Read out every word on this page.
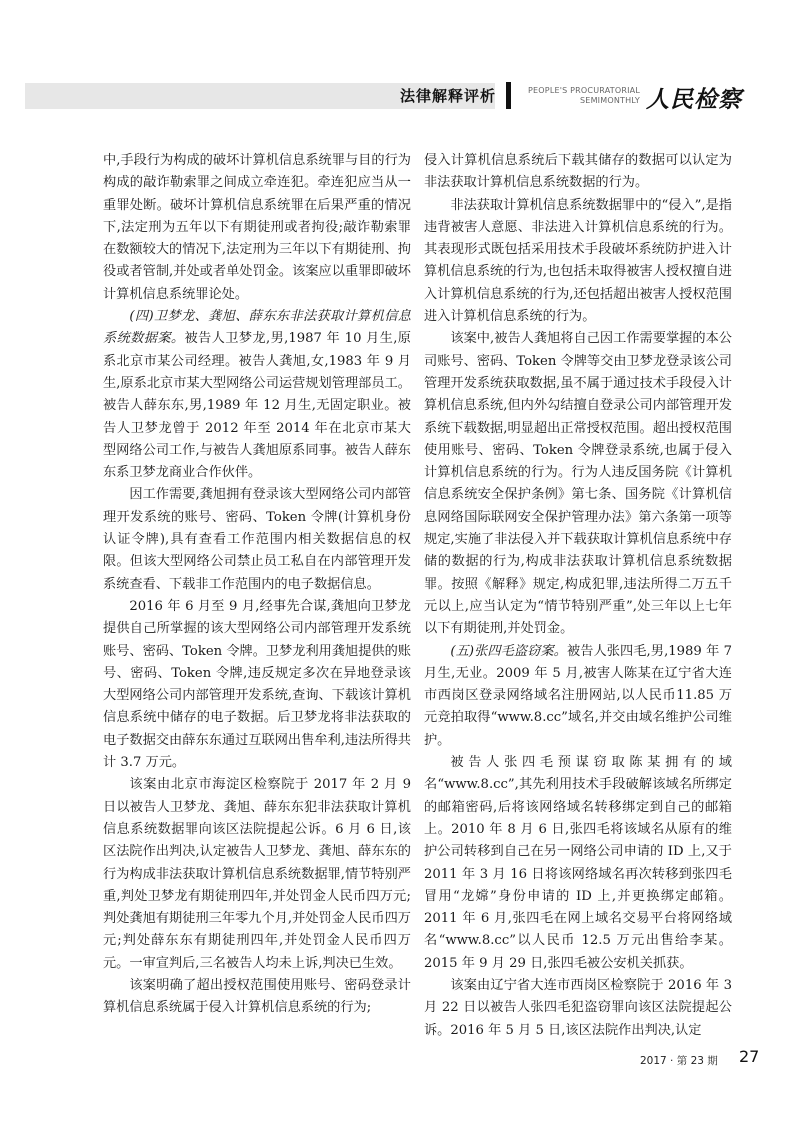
法律解释评析	PEOPLE'S PROCURATORIAL
SEMIMONTHLY 人民检察

中,手段行为构成的破坏计算机信息系统罪与目的行为构成的敲诈勒索罪之间成立牵连犯。牵连犯应当从一重罪处断。破坏计算机信息系统罪在后果严重的情况下,法定刑为五年以下有期徒刑或者拘役;敲诈勒索罪在数额较大的情况下,法定刑为三年以下有期徒刑、拘役或者管制,并处或者单处罚金。该案应以重罪即破坏计算机信息系统罪论处。

(四)卫梦龙、龚旭、薛东东非法获取计算机信息系统数据案。被告人卫梦龙,男,1987 年 10 月生,原系北京市某公司经理。被告人龚旭,女,1983 年 9 月生,原系北京市某大型网络公司运营规划管理部员工。被告人薛东东,男,1989 年 12 月生,无固定职业。被告人卫梦龙曾于 2012 年至 2014 年在北京市某大型网络公司工作,与被告人龚旭原系同事。被告人薛东东系卫梦龙商业合作伙伴。

因工作需要,龚旭拥有登录该大型网络公司内部管理开发系统的账号、密码、Token 令牌(计算机身份认证令牌),具有查看工作范围内相关数据信息的权限。但该大型网络公司禁止员工私自在内部管理开发系统查看、下载非工作范围内的电子数据信息。

2016 年 6 月至 9 月,经事先合谋,龚旭向卫梦龙提供自己所掌握的该大型网络公司内部管理开发系统账号、密码、Token 令牌。卫梦龙利用龚旭提供的账号、密码、Token 令牌,违反规定多次在异地登录该大型网络公司内部管理开发系统,查询、下载该计算机信息系统中储存的电子数据。后卫梦龙将非法获取的电子数据交由薛东东通过互联网出售牟利,违法所得共计 3.7 万元。

该案由北京市海淀区检察院于 2017 年 2 月 9 日以被告人卫梦龙、龚旭、薛东东犯非法获取计算机信息系统数据罪向该区法院提起公诉。6 月 6 日,该区法院作出判决,认定被告人卫梦龙、龚旭、薛东东的行为构成非法获取计算机信息系统数据罪,情节特别严重,判处卫梦龙有期徒刑四年,并处罚金人民币四万元;判处龚旭有期徒刑三年零九个月,并处罚金人民币四万元;判处薛东东有期徒刑四年,并处罚金人民币四万元。一审宣判后,三名被告人均未上诉,判决已生效。

该案明确了超出授权范围使用账号、密码登录计算机信息系统属于侵入计算机信息系统的行为;

侵入计算机信息系统后下载其储存的数据可以认定为非法获取计算机信息系统数据的行为。

非法获取计算机信息系统数据罪中的“侵入”,是指违背被害人意愿、非法进入计算机信息系统的行为。其表现形式既包括采用技术手段破坏系统防护进入计算机信息系统的行为,也包括未取得被害人授权擅自进入计算机信息系统的行为,还包括超出被害人授权范围进入计算机信息系统的行为。

该案中,被告人龚旭将自己因工作需要掌握的本公司账号、密码、Token 令牌等交由卫梦龙登录该公司管理开发系统获取数据,虽不属于通过技术手段侵入计算机信息系统,但内外勾结擅自登录公司内部管理开发系统下载数据,明显超出正常授权范围。超出授权范围使用账号、密码、Token 令牌登录系统,也属于侵入计算机信息系统的行为。行为人违反国务院《计算机信息系统安全保护条例》第七条、国务院《计算机信息网络国际联网安全保护管理办法》第六条第一项等规定,实施了非法侵入并下载获取计算机信息系统中存储的数据的行为,构成非法获取计算机信息系统数据罪。按照《解释》规定,构成犯罪,违法所得二万五千元以上,应当认定为“情节特别严重”,处三年以上七年以下有期徒刑,并处罚金。

(五)张四毛盗窃案。被告人张四毛,男,1989 年 7 月生,无业。2009 年 5 月,被害人陈某在辽宁省大连市西岗区登录网络域名注册网站,以人民币11.85 万元竞拍取得“www.8.cc”域名,并交由域名维护公司维护。

被告人张四毛预谋窃取陈某拥有的域名“www.8.cc”,其先利用技术手段破解该域名所绑定的邮箱密码,后将该网络域名转移绑定到自己的邮箱上。2010 年 8 月 6 日,张四毛将该域名从原有的维护公司转移到自己在另一网络公司申请的 ID 上,又于 2011 年 3 月 16 日将该网络域名再次转移到张四毛冒用“龙嫦”身份申请的 ID 上,并更换绑定邮箱。2011 年 6 月,张四毛在网上域名交易平台将网络域名“www.8.cc”以人民币 12.5 万元出售给李某。2015 年 9 月 29 日,张四毛被公安机关抓获。

该案由辽宁省大连市西岗区检察院于 2016 年 3 月 22 日以被告人张四毛犯盗窃罪向该区法院提起公诉。2016 年 5 月 5 日,该区法院作出判决,认定

2017 · 第 23 期 27
